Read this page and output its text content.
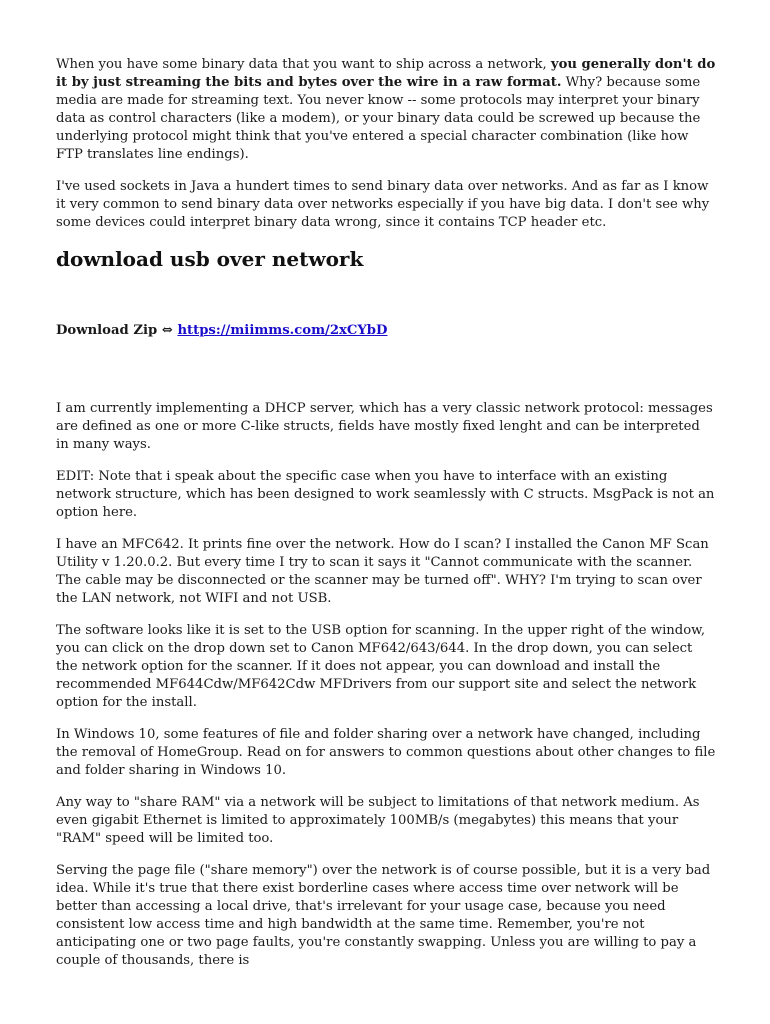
When you have some binary data that you want to ship across a network, you generally don't do it by just streaming the bits and bytes over the wire in a raw format. Why? because some media are made for streaming text. You never know -- some protocols may interpret your binary data as control characters (like a modem), or your binary data could be screwed up because the underlying protocol might think that you've entered a special character combination (like how FTP translates line endings).

I've used sockets in Java a hundert times to send binary data over networks. And as far as I know it very common to send binary data over networks especially if you have big data. I don't see why some devices could interpret binary data wrong, since it contains TCP header etc.

download usb over network

Download Zip ⇔ https://miimms.com/2xCYbD

I am currently implementing a DHCP server, which has a very classic network protocol: messages are defined as one or more C-like structs, fields have mostly fixed lenght and can be interpreted in many ways.

EDIT: Note that i speak about the specific case when you have to interface with an existing network structure, which has been designed to work seamlessly with C structs. MsgPack is not an option here.

I have an MFC642. It prints fine over the network. How do I scan? I installed the Canon MF Scan Utility v 1.20.0.2. But every time I try to scan it says it "Cannot communicate with the scanner. The cable may be disconnected or the scanner may be turned off". WHY? I'm trying to scan over the LAN network, not WIFI and not USB.

The software looks like it is set to the USB option for scanning. In the upper right of the window, you can click on the drop down set to Canon MF642/643/644. In the drop down, you can select the network option for the scanner. If it does not appear, you can download and install the recommended MF644Cdw/MF642Cdw MFDrivers from our support site and select the network option for the install.

In Windows 10, some features of file and folder sharing over a network have changed, including the removal of HomeGroup. Read on for answers to common questions about other changes to file and folder sharing in Windows 10.

Any way to "share RAM" via a network will be subject to limitations of that network medium. As even gigabit Ethernet is limited to approximately 100MB/s (megabytes) this means that your "RAM" speed will be limited too.

Serving the page file ("share memory") over the network is of course possible, but it is a very bad idea. While it's true that there exist borderline cases where access time over network will be better than accessing a local drive, that's irrelevant for your usage case, because you need consistent low access time and high bandwidth at the same time. Remember, you're not anticipating one or two page faults, you're constantly swapping. Unless you are willing to pay a couple of thousands, there is
